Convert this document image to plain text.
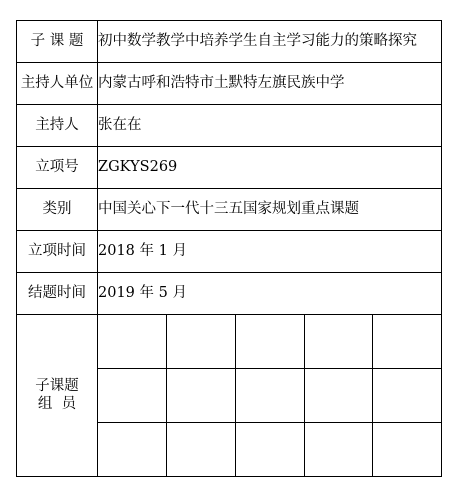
子 课 题	初中数学教学中培养学生自主学习能力的策略探究				
主持人单位	内蒙古呼和浩特市土默特左旗民族中学				
主持人	张在在				
立项号	ZGKYS269				
类别	中国关心下一代十三五国家规划重点课题				
立项时间	2018 年 1 月				
结题时间	2019 年 5 月				

子课题
组  员					
